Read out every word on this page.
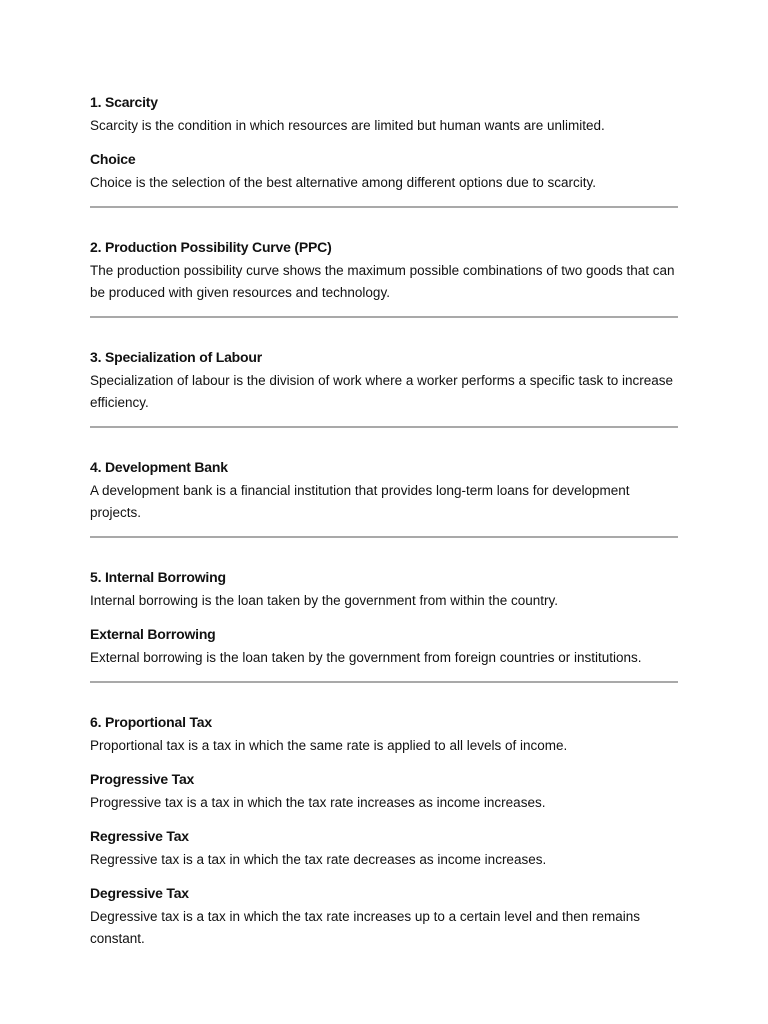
1. Scarcity

Scarcity is the condition in which resources are limited but human wants are unlimited.

Choice

Choice is the selection of the best alternative among different options due to scarcity.

2. Production Possibility Curve (PPC)

The production possibility curve shows the maximum possible combinations of two goods that can be produced with given resources and technology.

3. Specialization of Labour

Specialization of labour is the division of work where a worker performs a specific task to increase efficiency.

4. Development Bank

A development bank is a financial institution that provides long-term loans for development projects.

5. Internal Borrowing

Internal borrowing is the loan taken by the government from within the country.

External Borrowing

External borrowing is the loan taken by the government from foreign countries or institutions.

6. Proportional Tax

Proportional tax is a tax in which the same rate is applied to all levels of income.

Progressive Tax

Progressive tax is a tax in which the tax rate increases as income increases.

Regressive Tax

Regressive tax is a tax in which the tax rate decreases as income increases.

Degressive Tax

Degressive tax is a tax in which the tax rate increases up to a certain level and then remains constant.
